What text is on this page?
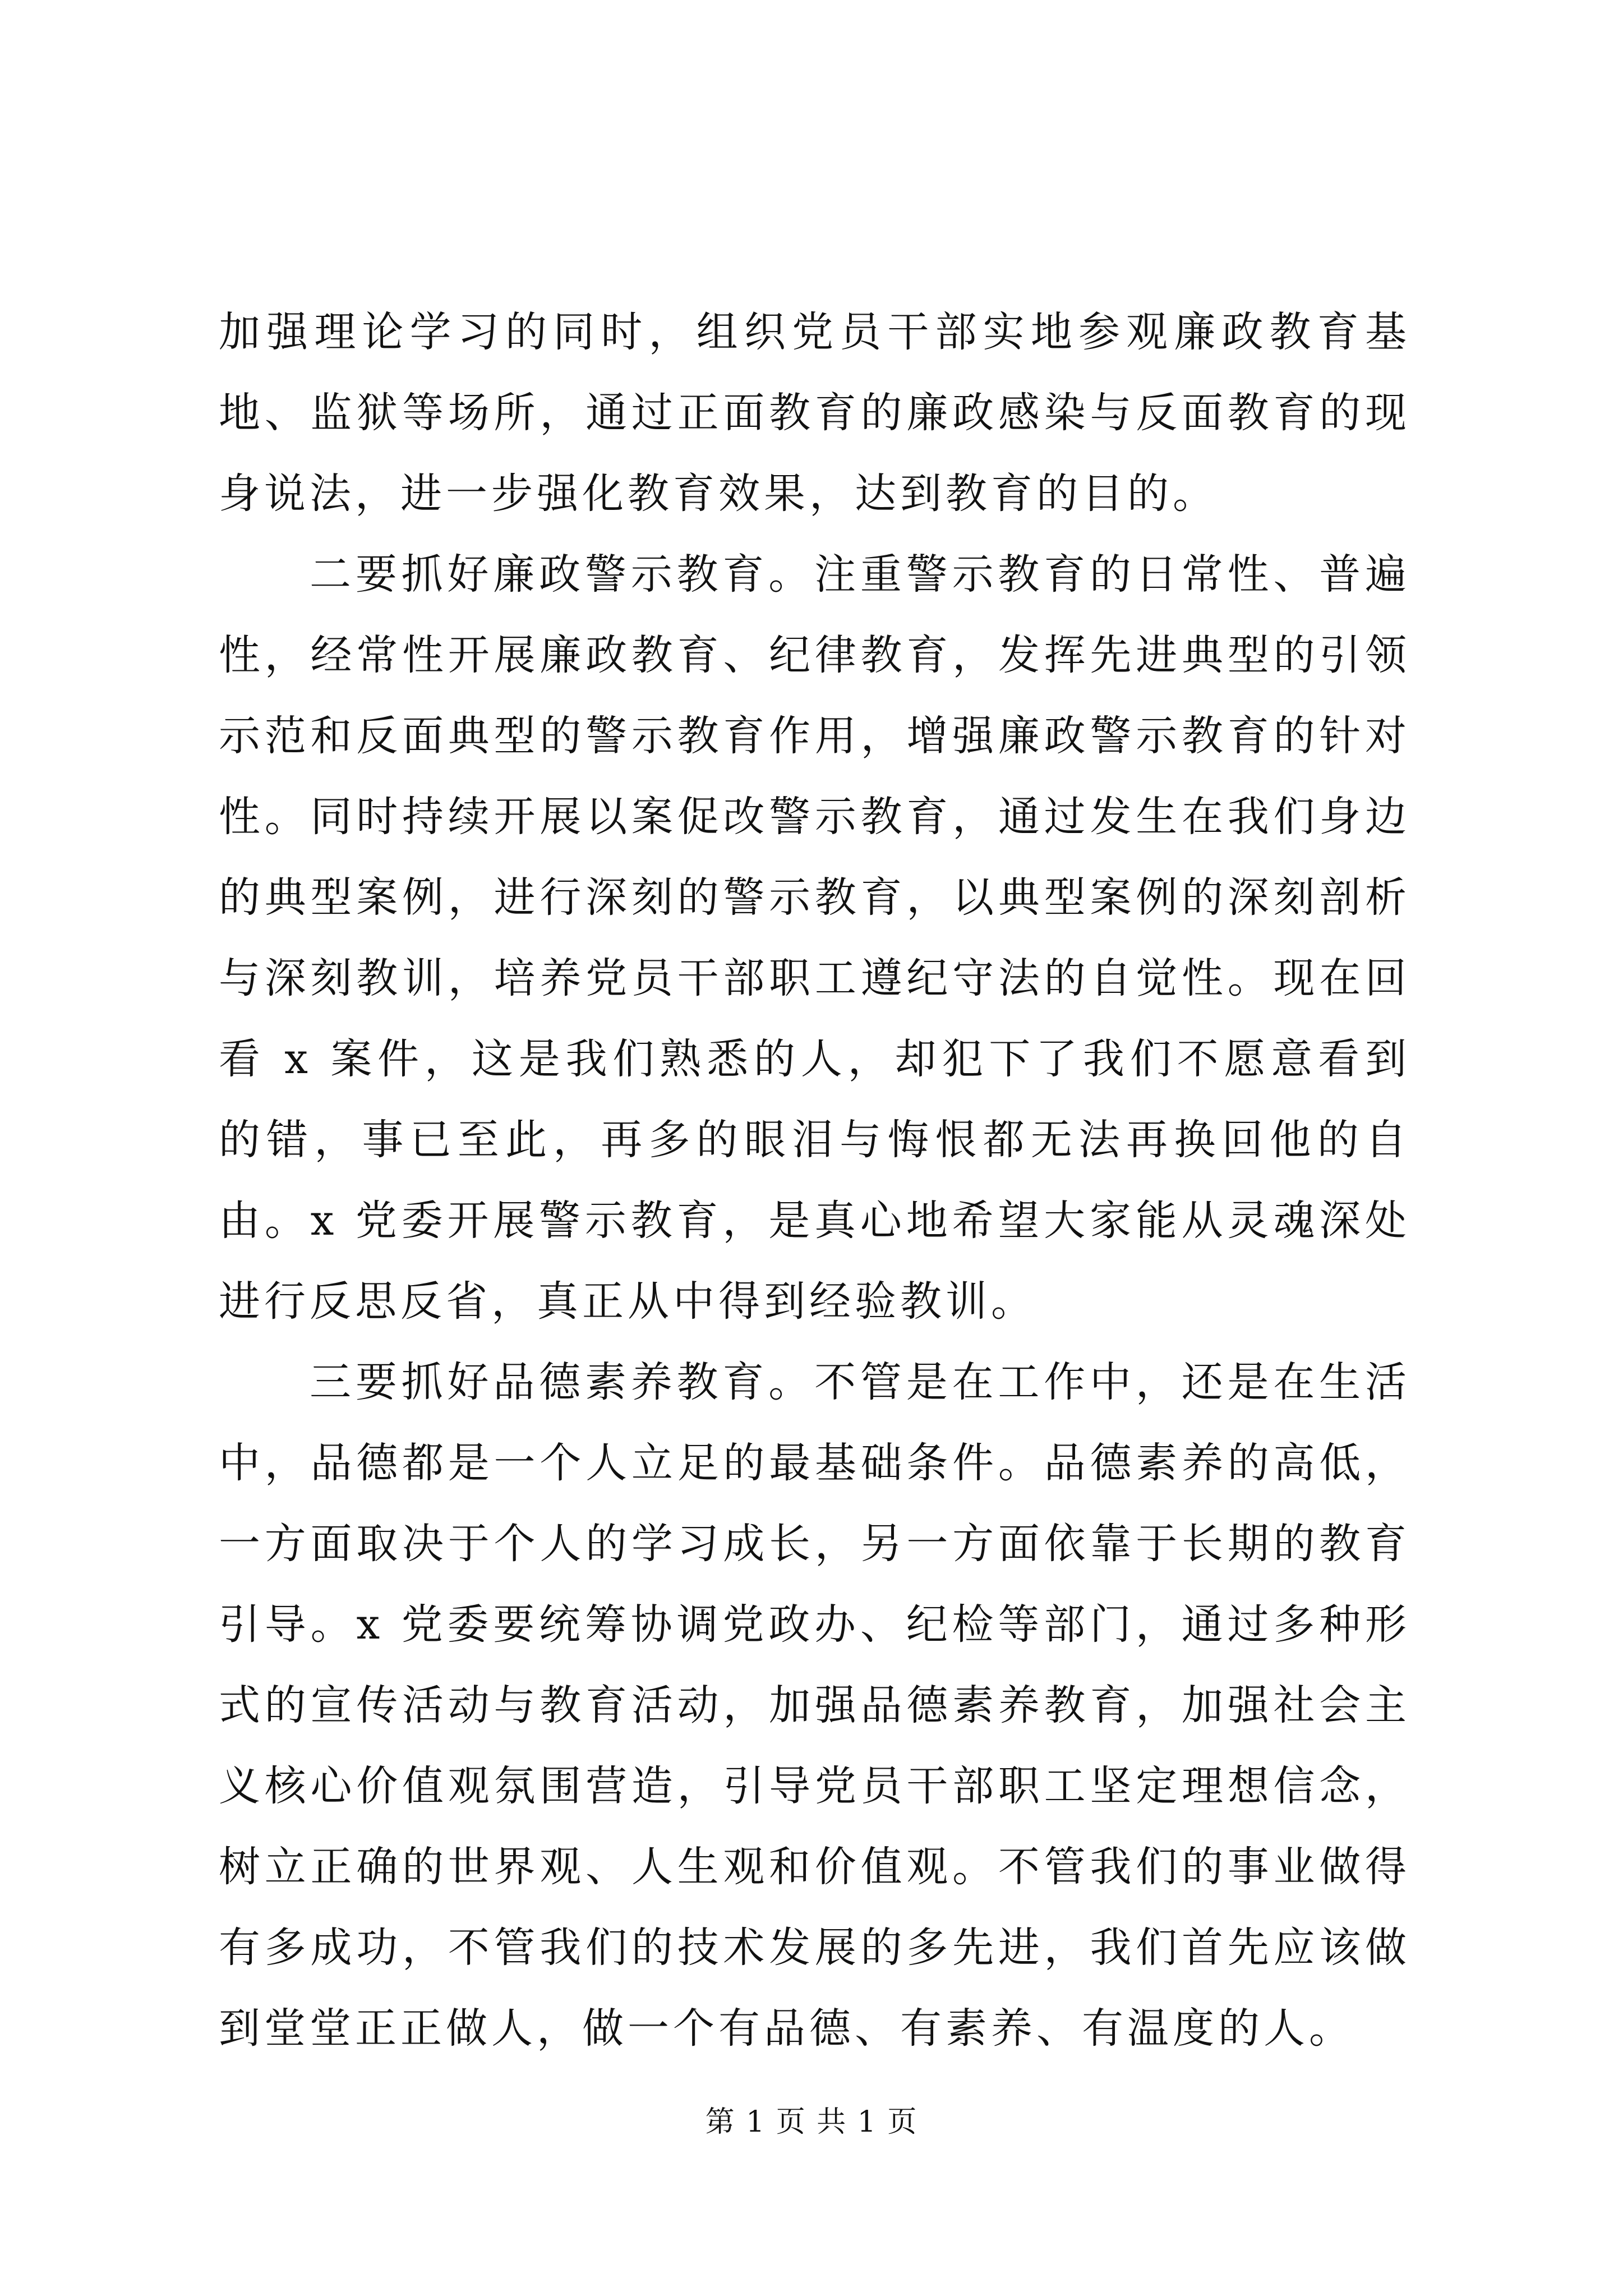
加强理论学习的同时，组织党员干部实地参观廉政教育基地、监狱等场所，通过正面教育的廉政感染与反面教育的现身说法，进一步强化教育效果，达到教育的目的。

二要抓好廉政警示教育。注重警示教育的日常性、普遍性，经常性开展廉政教育、纪律教育，发挥先进典型的引领示范和反面典型的警示教育作用，增强廉政警示教育的针对性。同时持续开展以案促改警示教育，通过发生在我们身边的典型案例，进行深刻的警示教育，以典型案例的深刻剖析与深刻教训，培养党员干部职工遵纪守法的自觉性。现在回看 x 案件，这是我们熟悉的人，却犯下了我们不愿意看到的错，事已至此，再多的眼泪与悔恨都无法再换回他的自由。x 党委开展警示教育，是真心地希望大家能从灵魂深处进行反思反省，真正从中得到经验教训。

三要抓好品德素养教育。不管是在工作中，还是在生活中，品德都是一个人立足的最基础条件。品德素养的高低，一方面取决于个人的学习成长，另一方面依靠于长期的教育引导。x 党委要统筹协调党政办、纪检等部门，通过多种形式的宣传活动与教育活动，加强品德素养教育，加强社会主义核心价值观氛围营造，引导党员干部职工坚定理想信念，树立正确的世界观、人生观和价值观。不管我们的事业做得有多成功，不管我们的技术发展的多先进，我们首先应该做到堂堂正正做人，做一个有品德、有素养、有温度的人。

第 1 页 共 1 页
